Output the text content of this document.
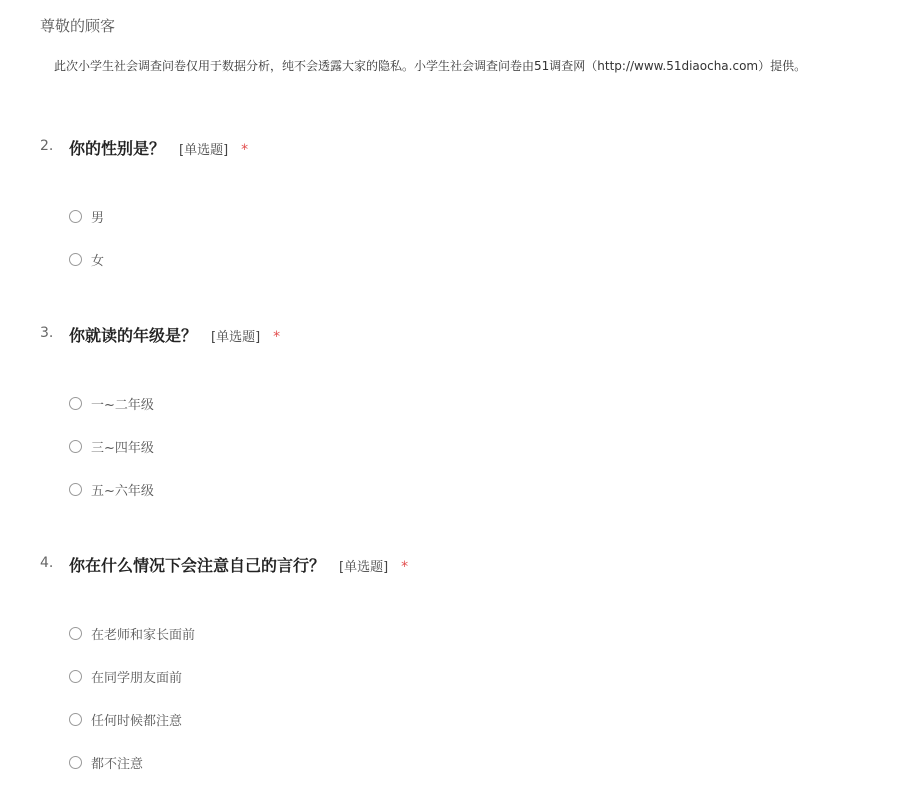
尊敬的顾客
此次小学生社会调查问卷仅用于数据分析，纯不会透露大家的隐私。小学生社会调查问卷由51调查网（http://www.51diaocha.com）提供。
2. 你的性别是？ [单选题] *
男
女
3. 你就读的年级是？ [单选题] *
一~二年级
三~四年级
五~六年级
4. 你在什么情况下会注意自己的言行？ [单选题] *
在老师和家长面前
在同学朋友面前
任何时候都注意
都不注意
